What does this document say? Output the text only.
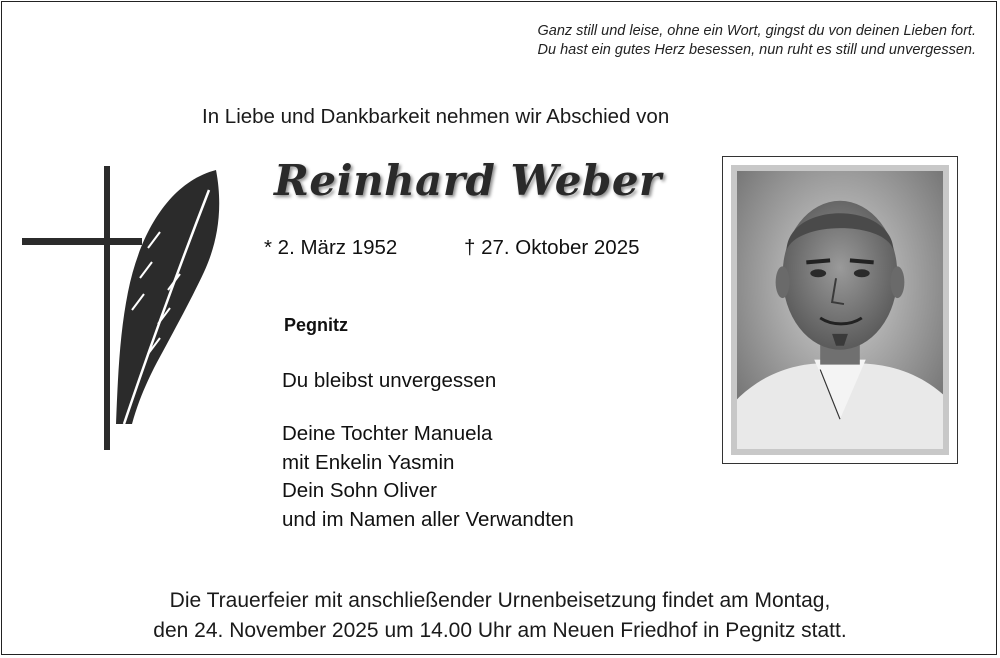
Ganz still und leise, ohne ein Wort, gingst du von deinen Lieben fort.
Du hast ein gutes Herz besessen, nun ruht es still und unvergessen.
In Liebe und Dankbarkeit nehmen wir Abschied von
Reinhard Weber
* 2. März 1952	† 27. Oktober 2025
Pegnitz
Du bleibst unvergessen
Deine Tochter Manuela
mit Enkelin Yasmin
Dein Sohn Oliver
und im Namen aller Verwandten
Die Trauerfeier mit anschließender Urnenbeisetzung findet am Montag,
den 24. November 2025 um 14.00 Uhr am Neuen Friedhof in Pegnitz statt.
